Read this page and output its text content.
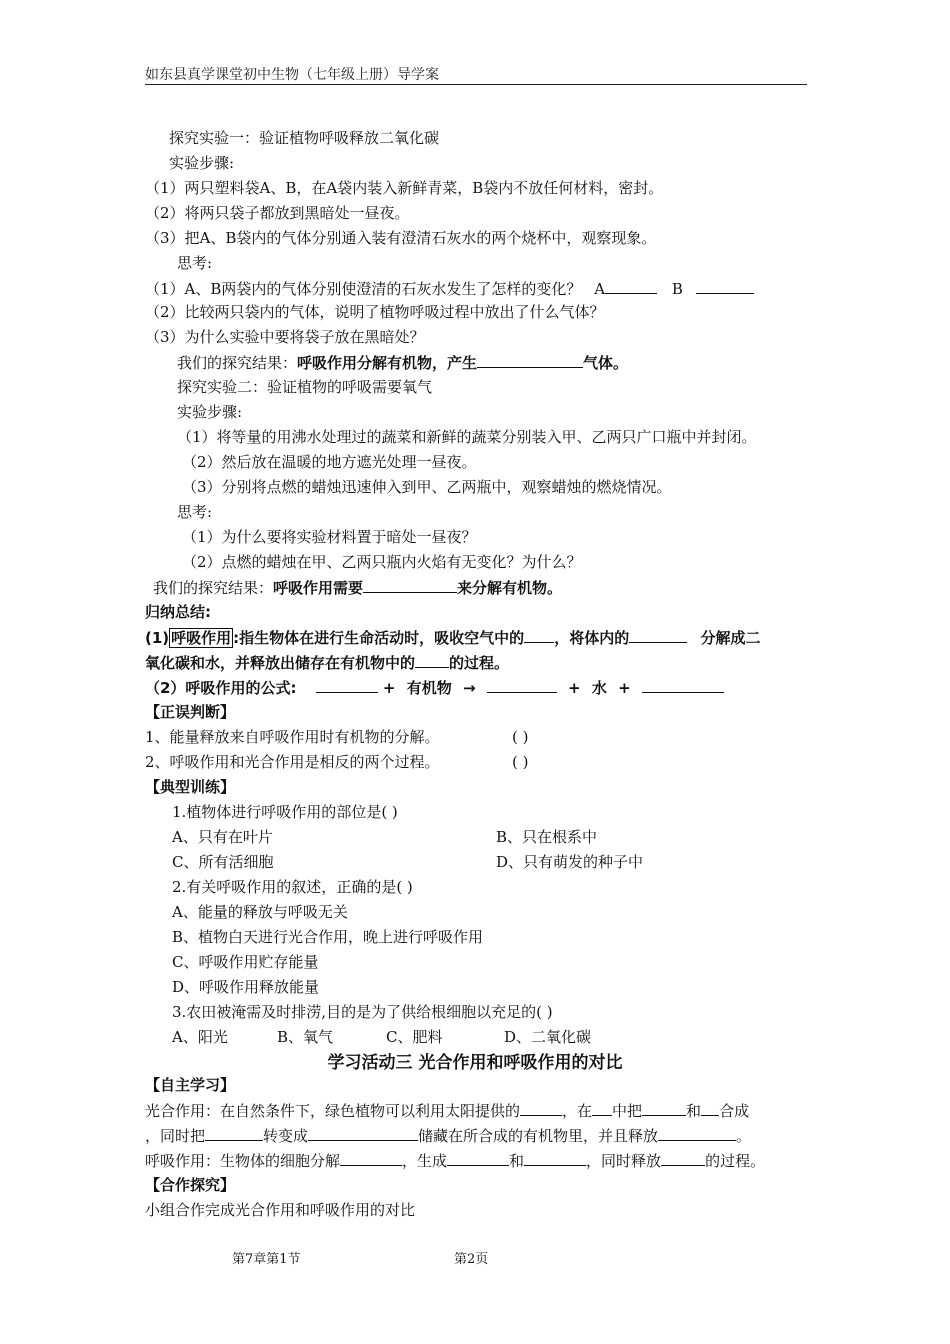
如东县真学课堂初中生物（七年级上册）导学案
探究实验一：验证植物呼吸释放二氧化碳
实验步骤:
（1）两只塑料袋A、B，在A袋内装入新鲜青菜，B袋内不放任何材料，密封。
（2）将两只袋子都放到黑暗处一昼夜。
（3）把A、B袋内的气体分别通入装有澄清石灰水的两个烧杯中，观察现象。
思考:
（1）A、B两袋内的气体分别使澄清的石灰水发生了怎样的变化？ A	B
（2）比较两只袋内的气体，说明了植物呼吸过程中放出了什么气体？
（3）为什么实验中要将袋子放在黑暗处？
我们的探究结果：呼吸作用分解有机物，产生	气体。
探究实验二：验证植物的呼吸需要氧气
实验步骤:
（1）将等量的用沸水处理过的蔬菜和新鲜的蔬菜分别装入甲、乙两只广口瓶中并封闭。
（2）然后放在温暖的地方遮光处理一昼夜。
（3）分别将点燃的蜡烛迅速伸入到甲、乙两瓶中，观察蜡烛的燃烧情况。
思考:
（1）为什么要将实验材料置于暗处一昼夜？
（2）点燃的蜡烛在甲、乙两只瓶内火焰有无变化？为什么？
我们的探究结果：呼吸作用需要	来分解有机物。
归纳总结:
(1) 呼吸作用 :指生物体在进行生命活动时，吸收空气中的 ，将体内的	分解成二
氧化碳和水，并释放出储存在有机物中的 的过程。
（2）呼吸作用的公式:	+ 有机物 →	+ 水 +
【正误判断】
1、能量释放来自呼吸作用时有机物的分解。	( )
2、呼吸作用和光合作用是相反的两个过程。	( )
【典型训练】
1.植物体进行呼吸作用的部位是( )
A、只有在叶片	B、只在根系中
C、所有活细胞	D、只有萌发的种子中
2.有关呼吸作用的叙述，正确的是( )
A、能量的释放与呼吸无关
B、植物白天进行光合作用，晚上进行呼吸作用
C、呼吸作用贮存能量
D、呼吸作用释放能量
3.农田被淹需及时排涝,目的是为了供给根细胞以充足的( )
A、阳光	B、氧气	C、肥料	D、二氧化碳
学习活动三 光合作用和呼吸作用的对比
【自主学习】
光合作用：在自然条件下，绿色植物可以利用太阳提供的	，在 中把	和 合成
，同时把	转变成	储藏在所合成的有机物里，并且释放	。
呼吸作用：生物体的细胞分解	，生成	和	，同时释放	的过程。
【合作探究】
小组合作完成光合作用和呼吸作用的对比
第7章第1节	第2页
